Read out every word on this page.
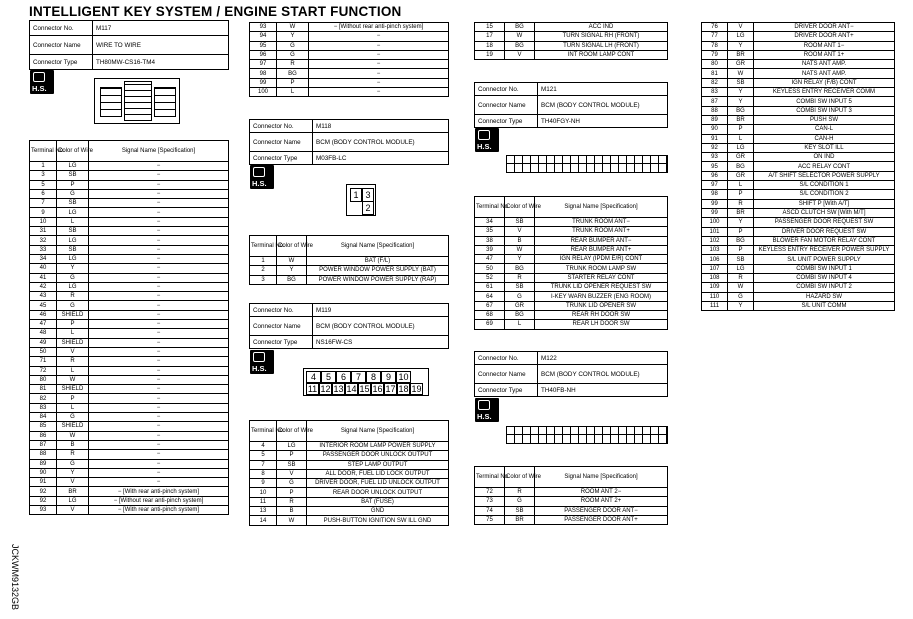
INTELLIGENT KEY SYSTEM / ENGINE START FUNCTION
JCKWM9132GB
Connector No.	M117
Connector Name	WIRE TO WIRE
Connector Type	TH80MW-CS16-TM4
H.S.
Terminal No.	Color of Wire	Signal Name [Specification]
1	LG	−
3	SB	−
5	P	−
6	G	−
7	SB	−
9	LG	−
10	L	−
31	SB	−
32	LG	−
33	SB	−
34	LG	−
40	Y	−
41	G	−
42	LG	−
43	R	−
45	G	−
46	SHIELD	−
47	P	−
48	L	−
49	SHIELD	−
50	V	−
71	R	−
72	L	−
80	W	−
81	SHIELD	−
82	P	−
83	L	−
84	G	−
85	SHIELD	−
86	W	−
87	B	−
88	R	−
89	G	−
90	Y	−
91	V	−
92	BR	− [With rear anti-pinch system]
92	LG	− [Without rear anti-pinch system]
93	V	− [With rear anti-pinch system]
93	W	− [Without rear anti-pinch system]
94	Y	−
95	G	−
96	G	−
97	R	−
98	BG	−
99	P	−
100	L	−
Connector No.	M118
Connector Name	BCM (BODY CONTROL MODULE)
Connector Type	M03FB-LC
H.S.
1 3
2
Terminal No.	Color of Wire	Signal Name [Specification]
1	W	BAT (F/L)
2	Y	POWER WINDOW POWER SUPPLY (BAT)
3	BG	POWER WINDOW POWER SUPPLY (RAP)
Connector No.	M119
Connector Name	BCM (BODY CONTROL MODULE)
Connector Type	NS16FW-CS
H.S.
4	5	6	7	8	9 10
11 12 13 14 15 16 17 18 19
Terminal No.	Color of Wire	Signal Name [Specification]
4	LG	INTERIOR ROOM LAMP POWER SUPPLY
5	P	PASSENGER DOOR UNLOCK OUTPUT
7	SB	STEP LAMP OUTPUT
8	V	ALL DOOR, FUEL LID LOCK OUTPUT
9	G	DRIVER DOOR, FUEL LID UNLOCK OUTPUT
10	P	REAR DOOR UNLOCK OUTPUT
11	R	BAT (FUSE)
13	B	GND
14	W	PUSH-BUTTON IGNITION SW ILL GND
15	BG	ACC IND
17	W	TURN SIGNAL RH (FRONT)
18	BG	TURN SIGNAL LH (FRONT)
19	V	INT ROOM LAMP CONT
Connector No.	M121
Connector Name	BCM (BODY CONTROL MODULE)
Connector Type	TH40FGY-NH
H.S.
Terminal No.	Color of Wire	Signal Name [Specification]
34	SB	TRUNK ROOM ANT−
35	V	TRUNK ROOM ANT+
38	B	REAR BUMPER ANT−
39	W	REAR BUMPER ANT+
47	Y	IGN RELAY (IPDM E/R) CONT
50	BG	TRUNK ROOM LAMP SW
52	R	STARTER RELAY CONT
61	SB	TRUNK LID OPENER REQUEST SW
64	G	I-KEY WARN BUZZER (ENG ROOM)
67	GR	TRUNK LID OPENER SW
68	BG	REAR RH DOOR SW
69	L	REAR LH DOOR SW
Connector No.	M122
Connector Name	BCM (BODY CONTROL MODULE)
Connector Type	TH40FB-NH
H.S.
Terminal No.	Color of Wire	Signal Name [Specification]
72	R	ROOM ANT 2−
73	G	ROOM ANT 2+
74	SB	PASSENGER DOOR ANT−
75	BR	PASSENGER DOOR ANT+
76	V	DRIVER DOOR ANT−
77	LG	DRIVER DOOR ANT+
78	Y	ROOM ANT 1−
79	BR	ROOM ANT 1+
80	GR	NATS ANT AMP.
81	W	NATS ANT AMP.
82	SB	IGN RELAY (F/B) CONT
83	Y	KEYLESS ENTRY RECEIVER COMM
87	Y	COMBI SW INPUT 5
88	BG	COMBI SW INPUT 3
89	BR	PUSH SW
90	P	CAN-L
91	L	CAN-H
92	LG	KEY SLOT ILL
93	GR	ON IND
95	BG	ACC RELAY CONT
96	GR	A/T SHIFT SELECTOR POWER SUPPLY
97	L	S/L CONDITION 1
98	P	S/L CONDITION 2
99	R	SHIFT P [With A/T]
99	BR	ASCD CLUTCH SW [With M/T]
100	Y	PASSENGER DOOR REQUEST SW
101	P	DRIVER DOOR REQUEST SW
102	BG	BLOWER FAN MOTOR RELAY CONT
103	P	KEYLESS ENTRY RECEIVER POWER SUPPLY
106	SB	S/L UNIT POWER SUPPLY
107	LG	COMBI SW INPUT 1
108	R	COMBI SW INPUT 4
109	W	COMBI SW INPUT 2
110	G	HAZARD SW
111	Y	S/L UNIT COMM
